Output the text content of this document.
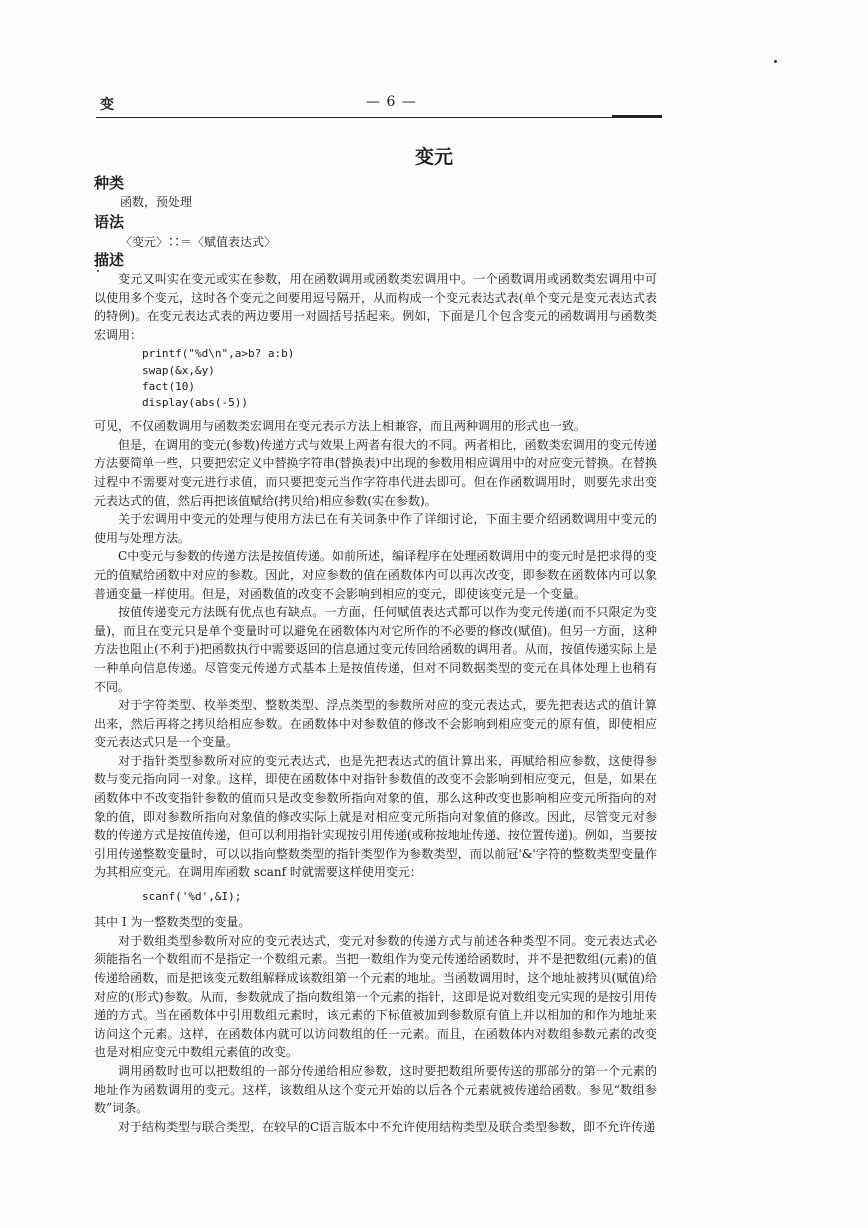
变	— 6 —
变元
种类
函数，预处理
语法
〈变元〉∷＝〈赋值表达式〉
描述

变元又叫实在变元或实在参数，用在函数调用或函数类宏调用中。一个函数调用或函数类宏调用中可以使用多个变元，这时各个变元之间要用逗号隔开，从而构成一个变元表达式表(单个变元是变元表达式表的特例)。在变元表达式表的两边要用一对圆括号括起来。例如，下面是几个包含变元的函数调用与函数类宏调用：

printf("%d\n",a>b? a:b)
swap(&x,&y)
fact(10)
display(abs(-5))

可见，不仅函数调用与函数类宏调用在变元表示方法上相兼容，而且两种调用的形式也一致。

但是，在调用的变元(参数)传递方式与效果上两者有很大的不同。两者相比，函数类宏调用的变元传递方法要简单一些，只要把宏定义中替换字符串(替换表)中出现的参数用相应调用中的对应变元替换。在替换过程中不需要对变元进行求值，而只要把变元当作字符串代进去即可。但在作函数调用时，则要先求出变元表达式的值，然后再把该值赋给(拷贝给)相应参数(实在参数)。

关于宏调用中变元的处理与使用方法已在有关词条中作了详细讨论，下面主要介绍函数调用中变元的使用与处理方法。

C中变元与参数的传递方法是按值传递。如前所述，编译程序在处理函数调用中的变元时是把求得的变元的值赋给函数中对应的参数。因此，对应参数的值在函数体内可以再次改变，即参数在函数体内可以象普通变量一样使用。但是，对函数值的改变不会影响到相应的变元，即使该变元是一个变量。

按值传递变元方法既有优点也有缺点。一方面，任何赋值表达式都可以作为变元传递(而不只限定为变量)，而且在变元只是单个变量时可以避免在函数体内对它所作的不必要的修改(赋值)。但另一方面，这种方法也阻止(不利于)把函数执行中需要返回的信息通过变元传回给函数的调用者。从而，按值传递实际上是一种单向信息传递。尽管变元传递方式基本上是按值传递，但对不同数据类型的变元在具体处理上也稍有不同。

对于字符类型、枚举类型、整数类型、浮点类型的参数所对应的变元表达式，要先把表达式的值计算出来，然后再将之拷贝给相应参数。在函数体中对参数值的修改不会影响到相应变元的原有值，即使相应变元表达式只是一个变量。

对于指针类型参数所对应的变元表达式，也是先把表达式的值计算出来，再赋给相应参数，这使得参数与变元指向同一对象。这样，即使在函数体中对指针参数值的改变不会影响到相应变元，但是，如果在函数体中不改变指针参数的值而只是改变参数所指向对象的值，那么这种改变也影响相应变元所指向的对象的值，即对参数所指向对象值的修改实际上就是对相应变元所指向对象值的修改。因此，尽管变元对参数的传递方式是按值传递，但可以利用指针实现按引用传递(或称按地址传递、按位置传递)。例如，当要按引用传递整数变量时，可以以指向整数类型的指针类型作为参数类型，而以前冠'&'字符的整数类型变量作为其相应变元。在调用库函数 scanf 时就需要这样使用变元：

scanf('%d',&I);

其中 I 为一整数类型的变量。

对于数组类型参数所对应的变元表达式，变元对参数的传递方式与前述各种类型不同。变元表达式必须能指名一个数组而不是指定一个数组元素。当把一数组作为变元传递给函数时，并不是把数组(元素)的值传递给函数，而是把该变元数组解释成该数组第一个元素的地址。当函数调用时，这个地址被拷贝(赋值)给对应的(形式)参数。从而，参数就成了指向数组第一个元素的指针，这即是说对数组变元实现的是按引用传递的方式。当在函数体中引用数组元素时，该元素的下标值被加到参数原有值上并以相加的和作为地址来访问这个元素。这样，在函数体内就可以访问数组的任一元素。而且，在函数体内对数组参数元素的改变也是对相应变元中数组元素值的改变。

调用函数时也可以把数组的一部分传递给相应参数，这时要把数组所要传送的那部分的第一个元素的地址作为函数调用的变元。这样，该数组从这个变元开始的以后各个元素就被传递给函数。参见“数组参数”词条。

对于结构类型与联合类型，在较早的C语言版本中不允许使用结构类型及联合类型参数，即不允许传递
